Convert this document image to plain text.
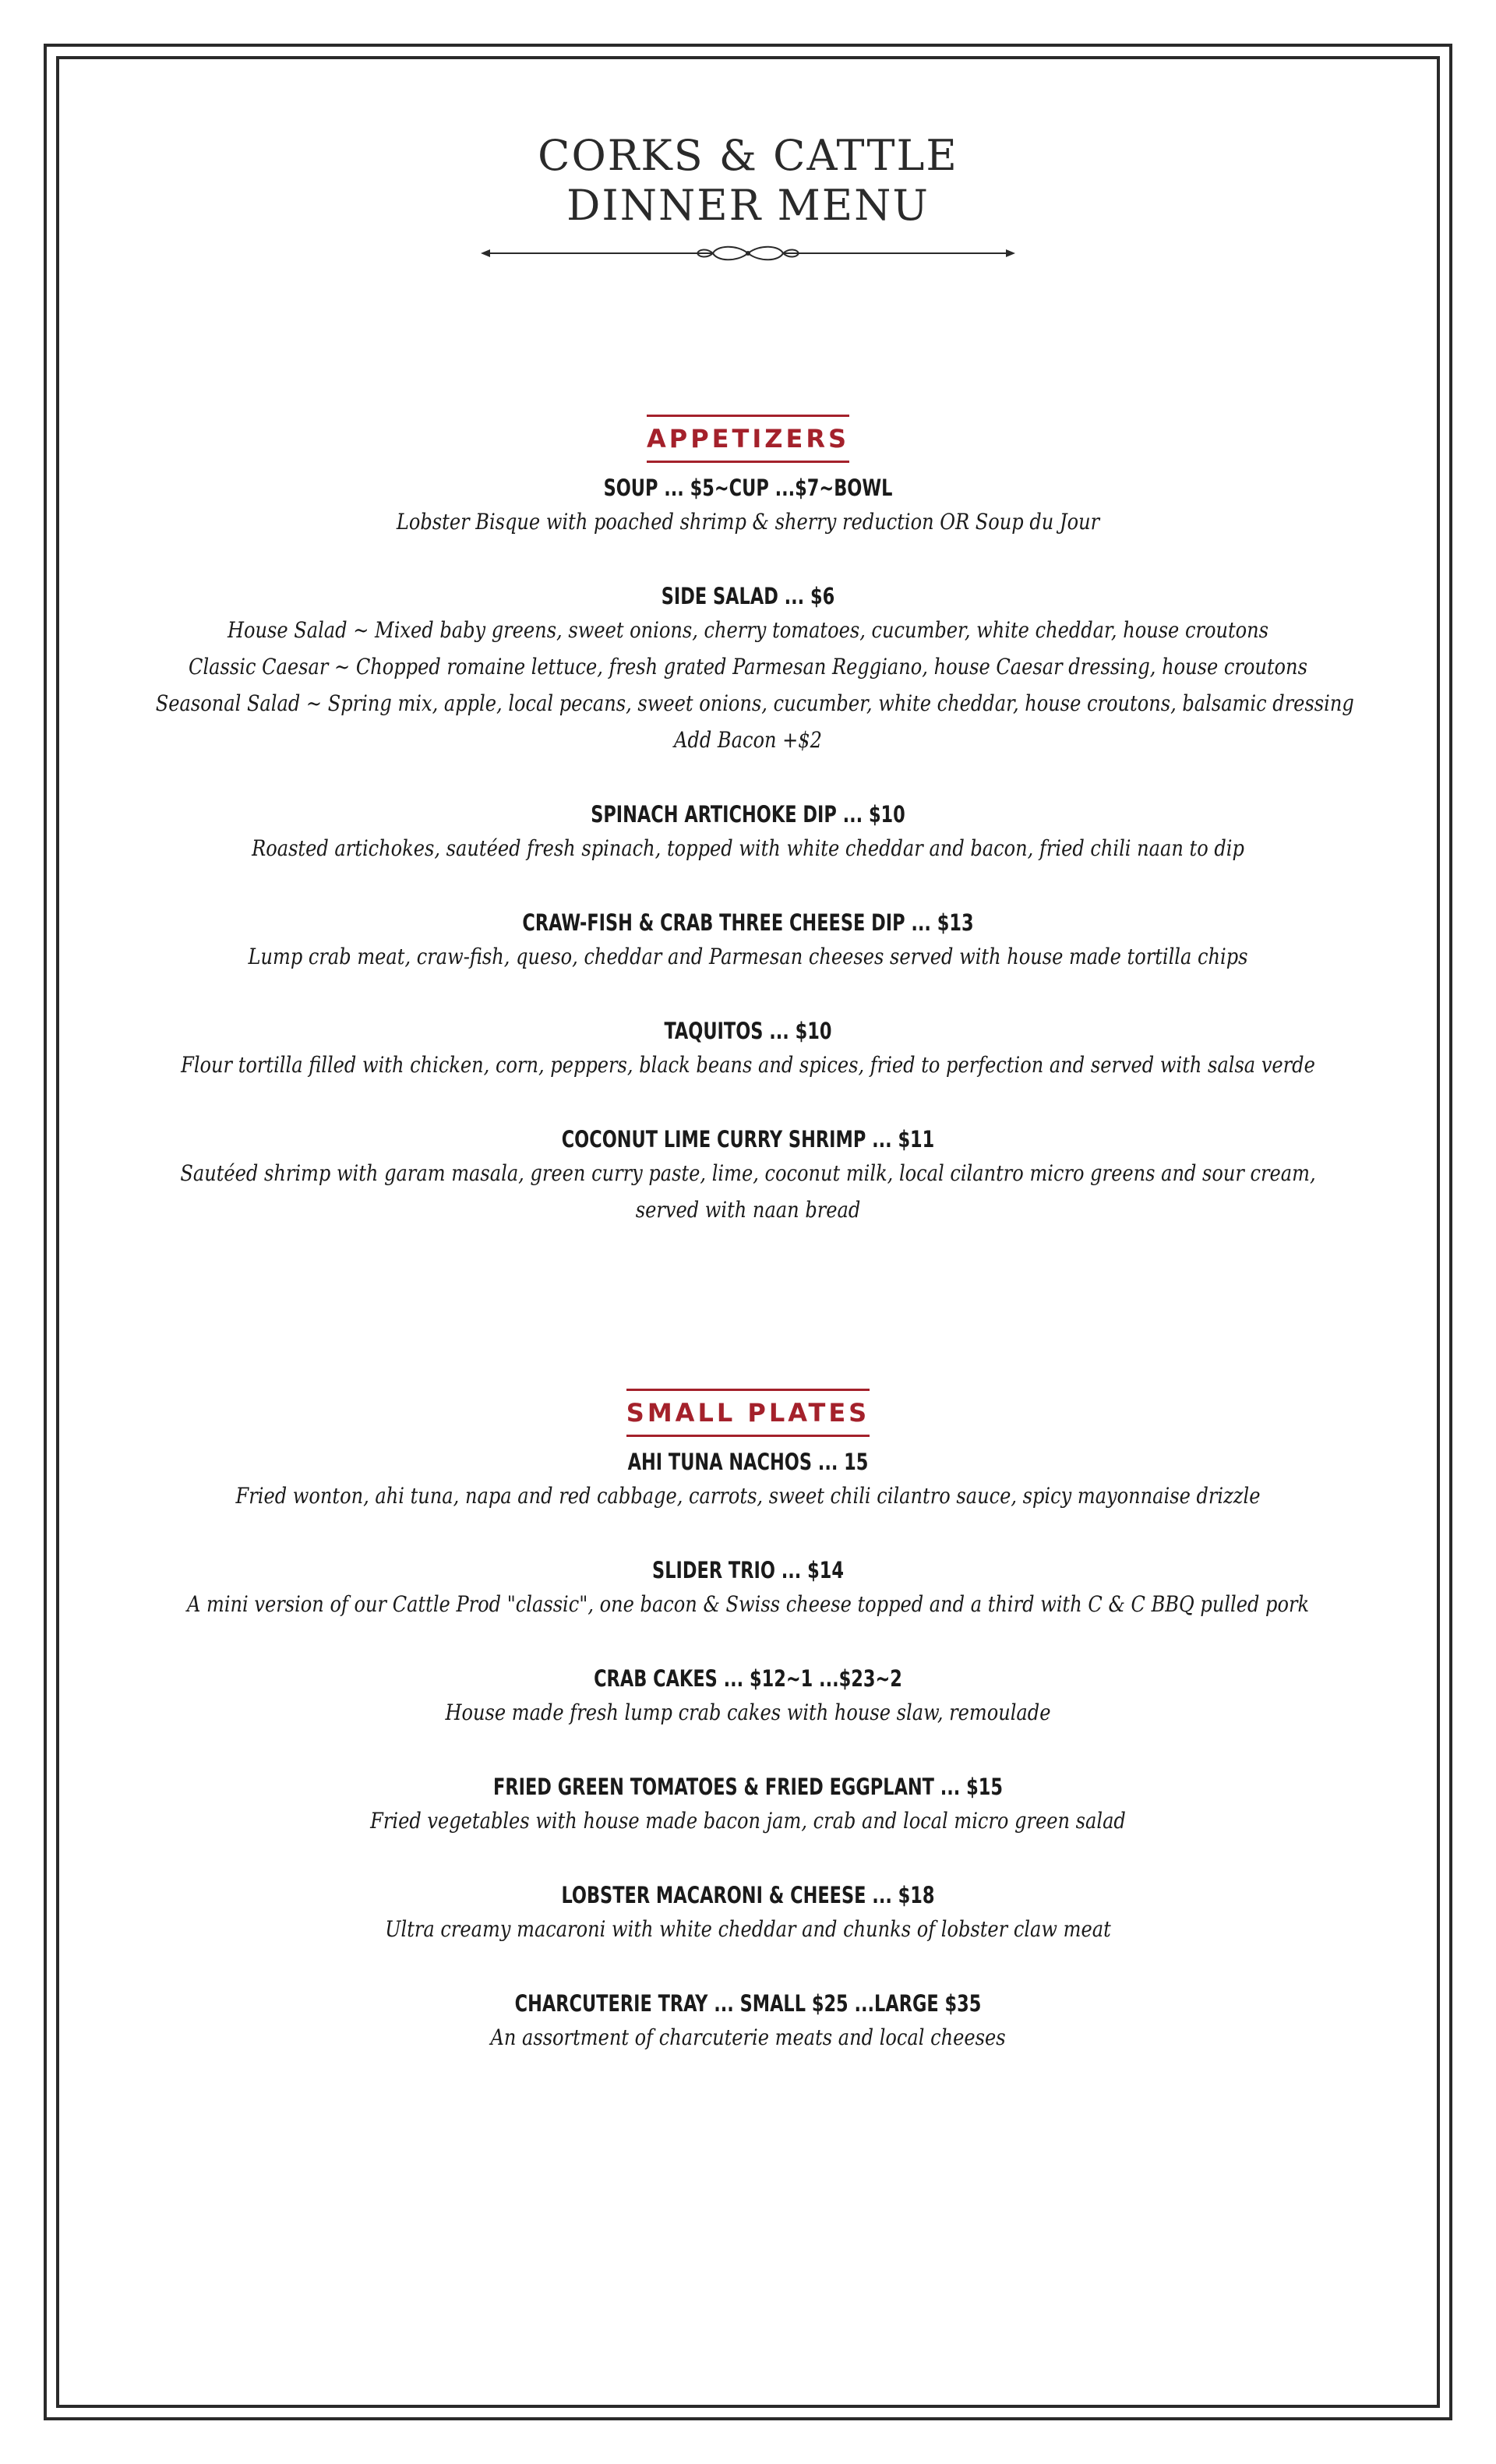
CORKS & CATTLE
DINNER MENU
APPETIZERS
SOUP ... $5~CUP ...$7~BOWL
Lobster Bisque with poached shrimp & sherry reduction OR Soup du Jour
SIDE SALAD ... $6
House Salad ~ Mixed baby greens, sweet onions, cherry tomatoes, cucumber, white cheddar, house croutons
Classic Caesar ~ Chopped romaine lettuce, fresh grated Parmesan Reggiano, house Caesar dressing, house croutons
Seasonal Salad ~ Spring mix, apple, local pecans, sweet onions, cucumber, white cheddar, house croutons, balsamic dressing
Add Bacon +$2
SPINACH ARTICHOKE DIP ... $10
Roasted artichokes, sautéed fresh spinach, topped with white cheddar and bacon, fried chili naan to dip
CRAW-FISH & CRAB THREE CHEESE DIP ... $13
Lump crab meat, craw-fish, queso, cheddar and Parmesan cheeses served with house made tortilla chips
TAQUITOS ... $10
Flour tortilla filled with chicken, corn, peppers, black beans and spices, fried to perfection and served with salsa verde
COCONUT LIME CURRY SHRIMP ... $11
Sautéed shrimp with garam masala, green curry paste, lime, coconut milk, local cilantro micro greens and sour cream,
served with naan bread
SMALL PLATES
AHI TUNA NACHOS ... 15
Fried wonton, ahi tuna, napa and red cabbage, carrots, sweet chili cilantro sauce, spicy mayonnaise drizzle
SLIDER TRIO ... $14
A mini version of our Cattle Prod "classic", one bacon & Swiss cheese topped and a third with C & C BBQ pulled pork
CRAB CAKES ... $12~1 ...$23~2
House made fresh lump crab cakes with house slaw, remoulade
FRIED GREEN TOMATOES & FRIED EGGPLANT ... $15
Fried vegetables with house made bacon jam, crab and local micro green salad
LOBSTER MACARONI & CHEESE ... $18
Ultra creamy macaroni with white cheddar and chunks of lobster claw meat
CHARCUTERIE TRAY ... SMALL $25 ...LARGE $35
An assortment of charcuterie meats and local cheeses
